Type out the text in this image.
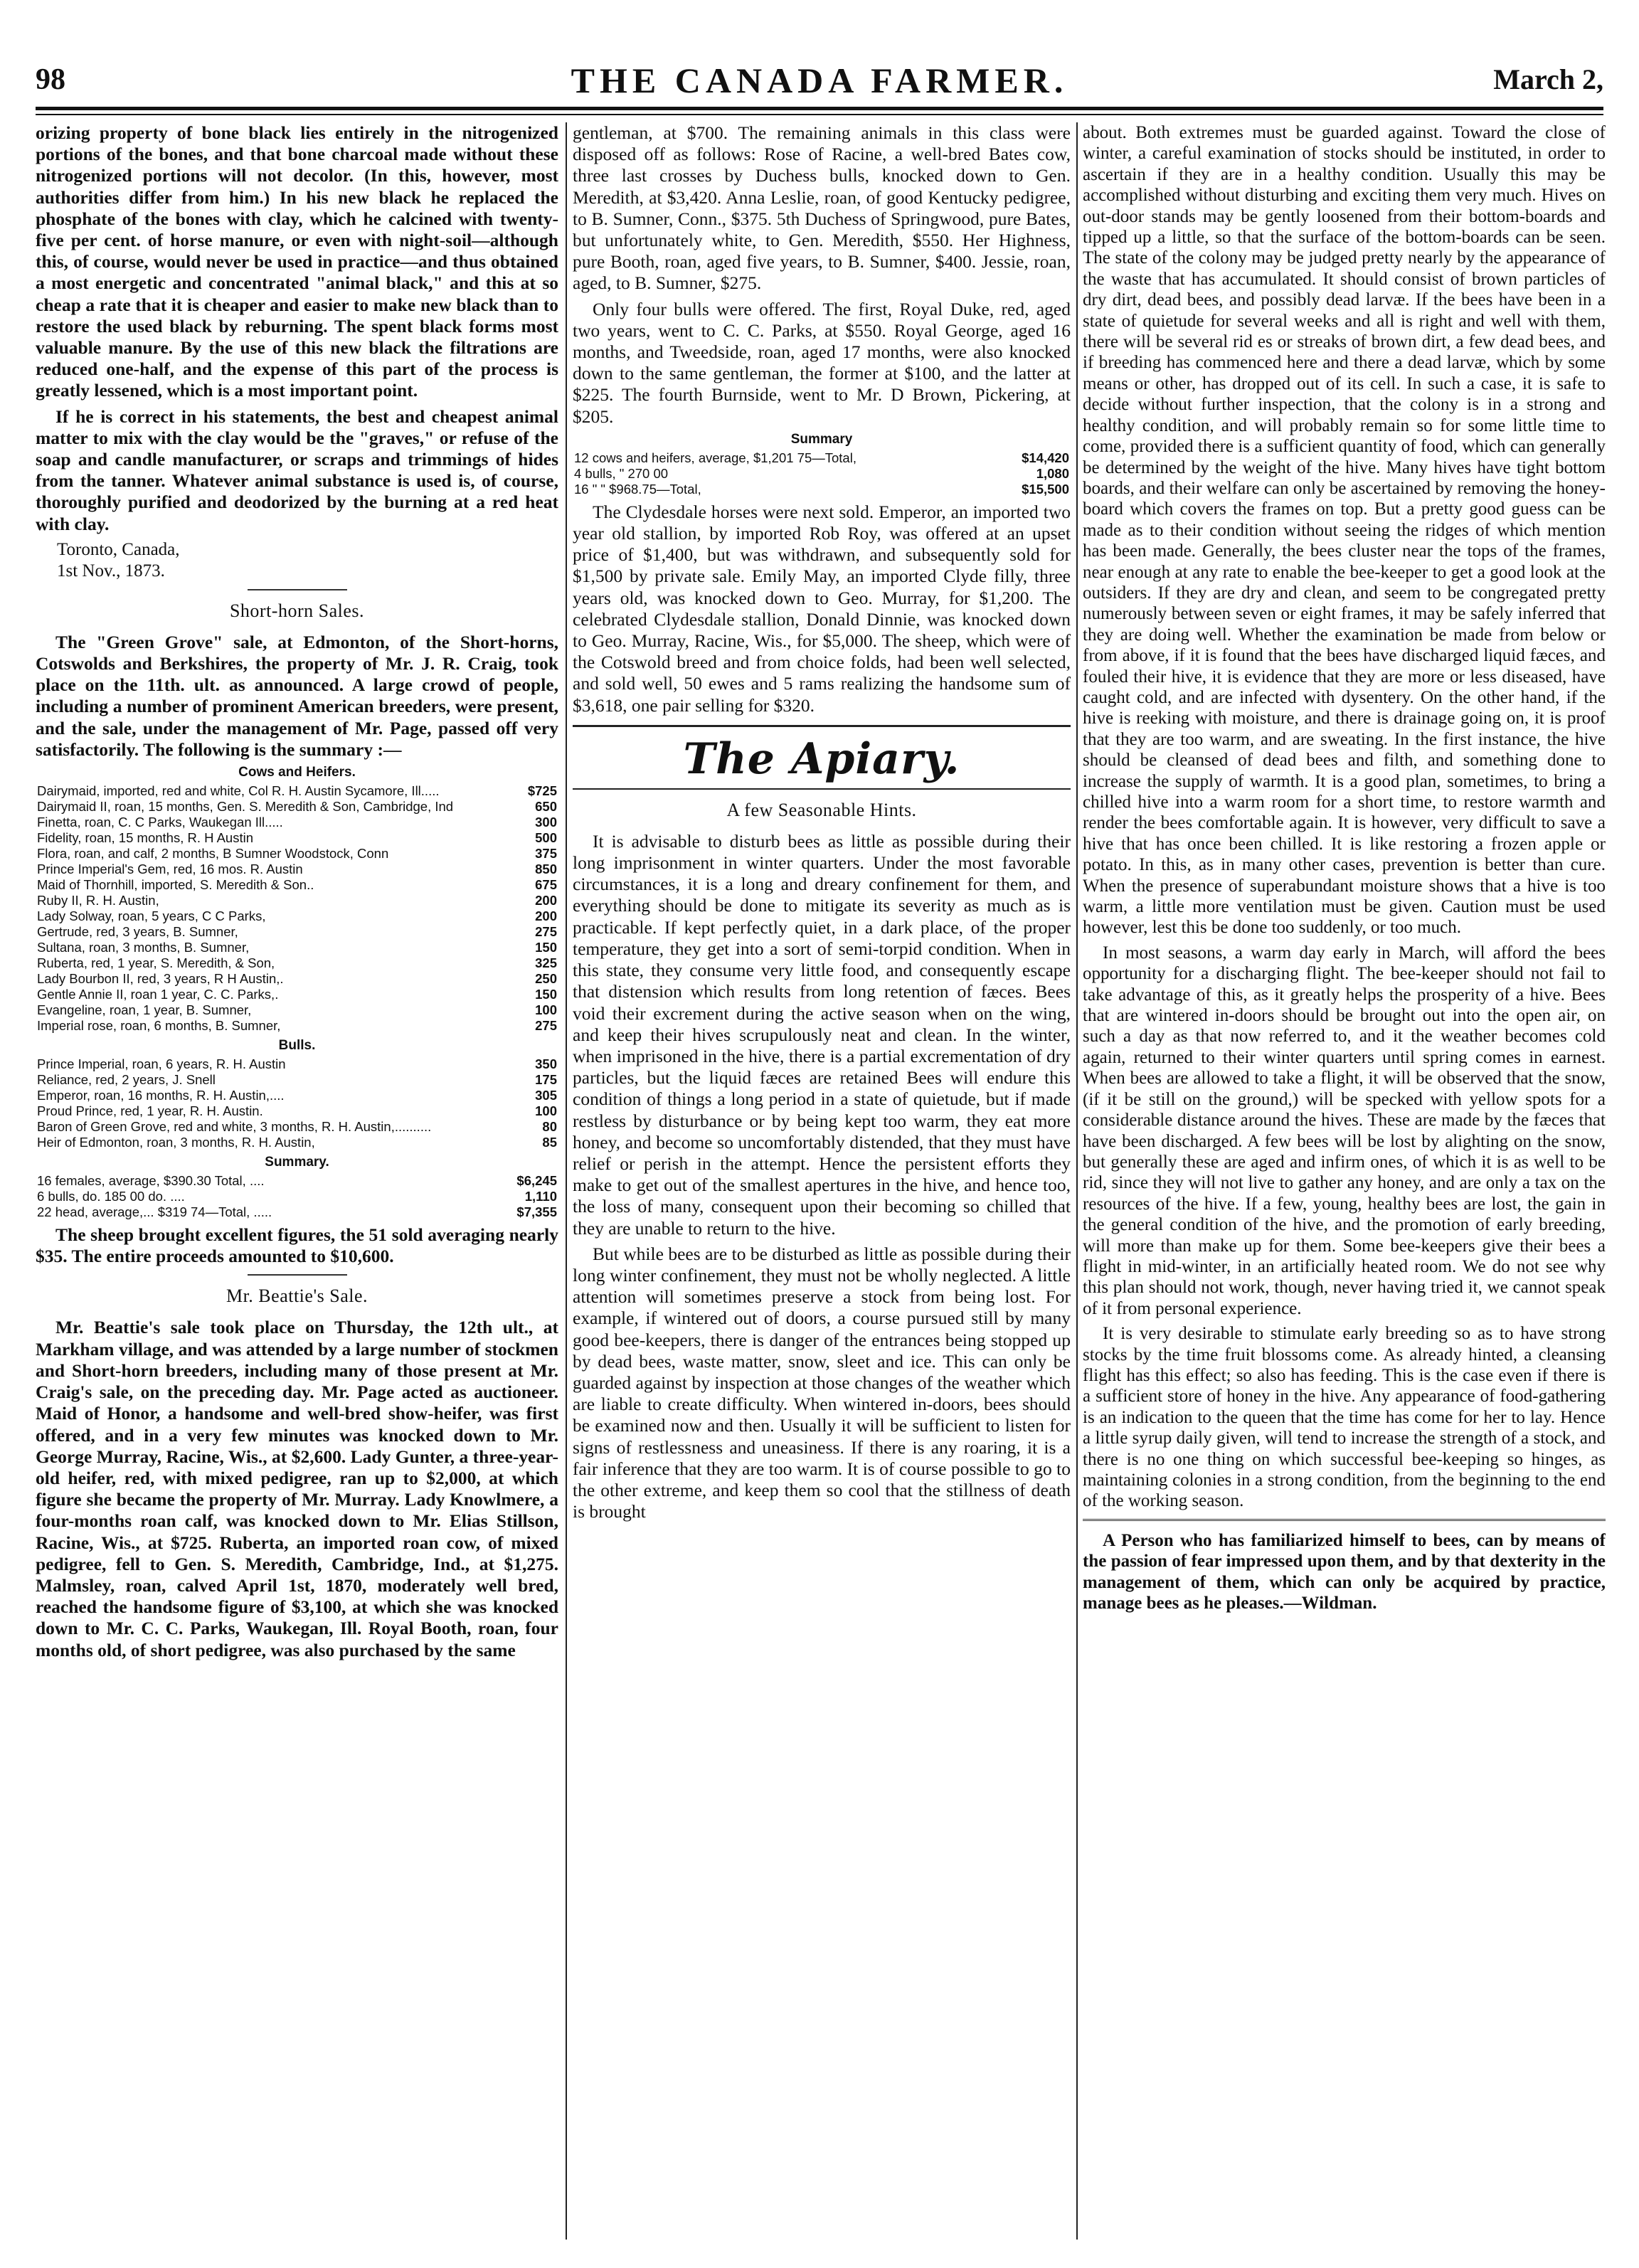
98	THE CANADA FARMER.	March 2,

orizing property of bone black lies entirely in the nitrogenized portions of the bones, and that bone charcoal made without these nitrogenized portions will not decolor. (In this, however, most authorities differ from him.) In his new black he replaced the phosphate of the bones with clay, which he calcined with twenty-five per cent. of horse manure, or even with night-soil—although this, of course, would never be used in practice—and thus obtained a most energetic and concentrated "animal black," and this at so cheap a rate that it is cheaper and easier to make new black than to restore the used black by reburning. The spent black forms most valuable manure. By the use of this new black the filtrations are reduced one-half, and the expense of this part of the process is greatly lessened, which is a most important point.

If he is correct in his statements, the best and cheapest animal matter to mix with the clay would be the "graves," or refuse of the soap and candle manufacturer, or scraps and trimmings of hides from the tanner. Whatever animal substance is used is, of course, thoroughly purified and deodorized by the burning at a red heat with clay.

Toronto, Canada,
1st Nov., 1873.
Short-horn Sales.

The "Green Grove" sale, at Edmonton, of the Short-horns, Cotswolds and Berkshires, the property of Mr. J. R. Craig, took place on the 11th. ult. as announced. A large crowd of people, including a number of prominent American breeders, were present, and the sale, under the management of Mr. Page, passed off very satisfactorily. The following is the summary :—

Cows and Heifers.
Dairymaid, imported, red and white, Col R. H. Austin Sycamore, Ill.....	$725
Dairymaid II, roan, 15 months, Gen. S. Meredith & Son, Cambridge, Ind	650
Finetta, roan, C. C Parks, Waukegan Ill.....	300
Fidelity, roan, 15 months, R. H Austin	500
Flora, roan, and calf, 2 months, B Sumner Woodstock, Conn	375
Prince Imperial's Gem, red, 16 mos. R. Austin	850
Maid of Thornhill, imported, S. Meredith & Son..	675
Ruby II, R. H. Austin,	200
Lady Solway, roan, 5 years, C C Parks,	200
Gertrude, red, 3 years, B. Sumner,	275
Sultana, roan, 3 months, B. Sumner,	150
Ruberta, red, 1 year, S. Meredith, & Son,	325
Lady Bourbon II, red, 3 years, R H Austin,.	250
Gentle Annie II, roan 1 year, C. C. Parks,.	150
Evangeline, roan, 1 year, B. Sumner,	100
Imperial rose, roan, 6 months, B. Sumner,	275
Bulls.
Prince Imperial, roan, 6 years, R. H. Austin	350
Reliance, red, 2 years, J. Snell	175
Emperor, roan, 16 months, R. H. Austin,....	305
Proud Prince, red, 1 year, R. H. Austin.	100
Baron of Green Grove, red and white, 3 months, R. H. Austin,..........	80
Heir of Edmonton, roan, 3 months, R. H. Austin,	85
Summary.
16 females, average, $390.30 Total, ....	$6,245
6 bulls, do. 185 00 do. ....	1,110
22 head, average,... $319 74—Total, .....	$7,355

The sheep brought excellent figures, the 51 sold averaging nearly $35. The entire proceeds amounted to $10,600.

Mr. Beattie's Sale.

Mr. Beattie's sale took place on Thursday, the 12th ult., at Markham village, and was attended by a large number of stockmen and Short-horn breeders, including many of those present at Mr. Craig's sale, on the preceding day. Mr. Page acted as auctioneer. Maid of Honor, a handsome and well-bred show-heifer, was first offered, and in a very few minutes was knocked down to Mr. George Murray, Racine, Wis., at $2,600. Lady Gunter, a three-year-old heifer, red, with mixed pedigree, ran up to $2,000, at which figure she became the property of Mr. Murray. Lady Knowlmere, a four-months roan calf, was knocked down to Mr. Elias Stillson, Racine, Wis., at $725. Ruberta, an imported roan cow, of mixed pedigree, fell to Gen. S. Meredith, Cambridge, Ind., at $1,275. Malmsley, roan, calved April 1st, 1870, moderately well bred, reached the handsome figure of $3,100, at which she was knocked down to Mr. C. C. Parks, Waukegan, Ill. Royal Booth, roan, four months old, of short pedigree, was also purchased by the same

gentleman, at $700. The remaining animals in this class were disposed off as follows: Rose of Racine, a well-bred Bates cow, three last crosses by Duchess bulls, knocked down to Gen. Meredith, at $3,420. Anna Leslie, roan, of good Kentucky pedigree, to B. Sumner, Conn., $375. 5th Duchess of Springwood, pure Bates, but unfortunately white, to Gen. Meredith, $550. Her Highness, pure Booth, roan, aged five years, to B. Sumner, $400. Jessie, roan, aged, to B. Sumner, $275.

Only four bulls were offered. The first, Royal Duke, red, aged two years, went to C. C. Parks, at $550. Royal George, aged 16 months, and Tweedside, roan, aged 17 months, were also knocked down to the same gentleman, the former at $100, and the latter at $225. The fourth Burnside, went to Mr. D Brown, Pickering, at $205.

Summary
12 cows and heifers, average, $1,201 75—Total,	$14,420
4 bulls, " 270 00	1,080
16 " " $968.75—Total,	$15,500

The Clydesdale horses were next sold. Emperor, an imported two year old stallion, by imported Rob Roy, was offered at an upset price of $1,400, but was withdrawn, and subsequently sold for $1,500 by private sale. Emily May, an imported Clyde filly, three years old, was knocked down to Geo. Murray, for $1,200. The celebrated Clydesdale stallion, Donald Dinnie, was knocked down to Geo. Murray, Racine, Wis., for $5,000. The sheep, which were of the Cotswold breed and from choice folds, had been well selected, and sold well, 50 ewes and 5 rams realizing the handsome sum of $3,618, one pair selling for $320.

The Apiary.
A few Seasonable Hints.

It is advisable to disturb bees as little as possible during their long imprisonment in winter quarters. Under the most favorable circumstances, it is a long and dreary confinement for them, and everything should be done to mitigate its severity as much as is practicable. If kept perfectly quiet, in a dark place, of the proper temperature, they get into a sort of semi-torpid condition. When in this state, they consume very little food, and consequently escape that distension which results from long retention of fæces. Bees void their excrement during the active season when on the wing, and keep their hives scrupulously neat and clean. In the winter, when imprisoned in the hive, there is a partial excrementation of dry particles, but the liquid fæces are retained Bees will endure this condition of things a long period in a state of quietude, but if made restless by disturbance or by being kept too warm, they eat more honey, and become so uncomfortably distended, that they must have relief or perish in the attempt. Hence the persistent efforts they make to get out of the smallest apertures in the hive, and hence too, the loss of many, consequent upon their becoming so chilled that they are unable to return to the hive.

But while bees are to be disturbed as little as possible during their long winter confinement, they must not be wholly neglected. A little attention will sometimes preserve a stock from being lost. For example, if wintered out of doors, a course pursued still by many good bee-keepers, there is danger of the entrances being stopped up by dead bees, waste matter, snow, sleet and ice. This can only be guarded against by inspection at those changes of the weather which are liable to create difficulty. When wintered in-doors, bees should be examined now and then. Usually it will be sufficient to listen for signs of restlessness and uneasiness. If there is any roaring, it is a fair inference that they are too warm. It is of course possible to go to the other extreme, and keep them so cool that the stillness of death is brought

about. Both extremes must be guarded against. Toward the close of winter, a careful examination of stocks should be instituted, in order to ascertain if they are in a healthy condition. Usually this may be accomplished without disturbing and exciting them very much. Hives on out-door stands may be gently loosened from their bottom-boards and tipped up a little, so that the surface of the bottom-boards can be seen. The state of the colony may be judged pretty nearly by the appearance of the waste that has accumulated. It should consist of brown particles of dry dirt, dead bees, and possibly dead larvæ. If the bees have been in a state of quietude for several weeks and all is right and well with them, there will be several rid es or streaks of brown dirt, a few dead bees, and if breeding has commenced here and there a dead larvæ, which by some means or other, has dropped out of its cell. In such a case, it is safe to decide without further inspection, that the colony is in a strong and healthy condition, and will probably remain so for some little time to come, provided there is a sufficient quantity of food, which can generally be determined by the weight of the hive. Many hives have tight bottom boards, and their welfare can only be ascertained by removing the honey-board which covers the frames on top. But a pretty good guess can be made as to their condition without seeing the ridges of which mention has been made. Generally, the bees cluster near the tops of the frames, near enough at any rate to enable the bee-keeper to get a good look at the outsiders. If they are dry and clean, and seem to be congregated pretty numerously between seven or eight frames, it may be safely inferred that they are doing well. Whether the examination be made from below or from above, if it is found that the bees have discharged liquid fæces, and fouled their hive, it is evidence that they are more or less diseased, have caught cold, and are infected with dysentery. On the other hand, if the hive is reeking with moisture, and there is drainage going on, it is proof that they are too warm, and are sweating. In the first instance, the hive should be cleansed of dead bees and filth, and something done to increase the supply of warmth. It is a good plan, sometimes, to bring a chilled hive into a warm room for a short time, to restore warmth and render the bees comfortable again. It is however, very difficult to save a hive that has once been chilled. It is like restoring a frozen apple or potato. In this, as in many other cases, prevention is better than cure. When the presence of superabundant moisture shows that a hive is too warm, a little more ventilation must be given. Caution must be used however, lest this be done too suddenly, or too much.

In most seasons, a warm day early in March, will afford the bees opportunity for a discharging flight. The bee-keeper should not fail to take advantage of this, as it greatly helps the prosperity of a hive. Bees that are wintered in-doors should be brought out into the open air, on such a day as that now referred to, and it the weather becomes cold again, returned to their winter quarters until spring comes in earnest. When bees are allowed to take a flight, it will be observed that the snow, (if it be still on the ground,) will be specked with yellow spots for a considerable distance around the hives. These are made by the fæces that have been discharged. A few bees will be lost by alighting on the snow, but generally these are aged and infirm ones, of which it is as well to be rid, since they will not live to gather any honey, and are only a tax on the resources of the hive. If a few, young, healthy bees are lost, the gain in the general condition of the hive, and the promotion of early breeding, will more than make up for them. Some bee-keepers give their bees a flight in mid-winter, in an artificially heated room. We do not see why this plan should not work, though, never having tried it, we cannot speak of it from personal experience.

It is very desirable to stimulate early breeding so as to have strong stocks by the time fruit blossoms come. As already hinted, a cleansing flight has this effect; so also has feeding. This is the case even if there is a sufficient store of honey in the hive. Any appearance of food-gathering is an indication to the queen that the time has come for her to lay. Hence a little syrup daily given, will tend to increase the strength of a stock, and there is no one thing on which successful bee-keeping so hinges, as maintaining colonies in a strong condition, from the beginning to the end of the working season.

A Person who has familiarized himself to bees, can by means of the passion of fear impressed upon them, and by that dexterity in the management of them, which can only be acquired by practice, manage bees as he pleases.—Wildman.
